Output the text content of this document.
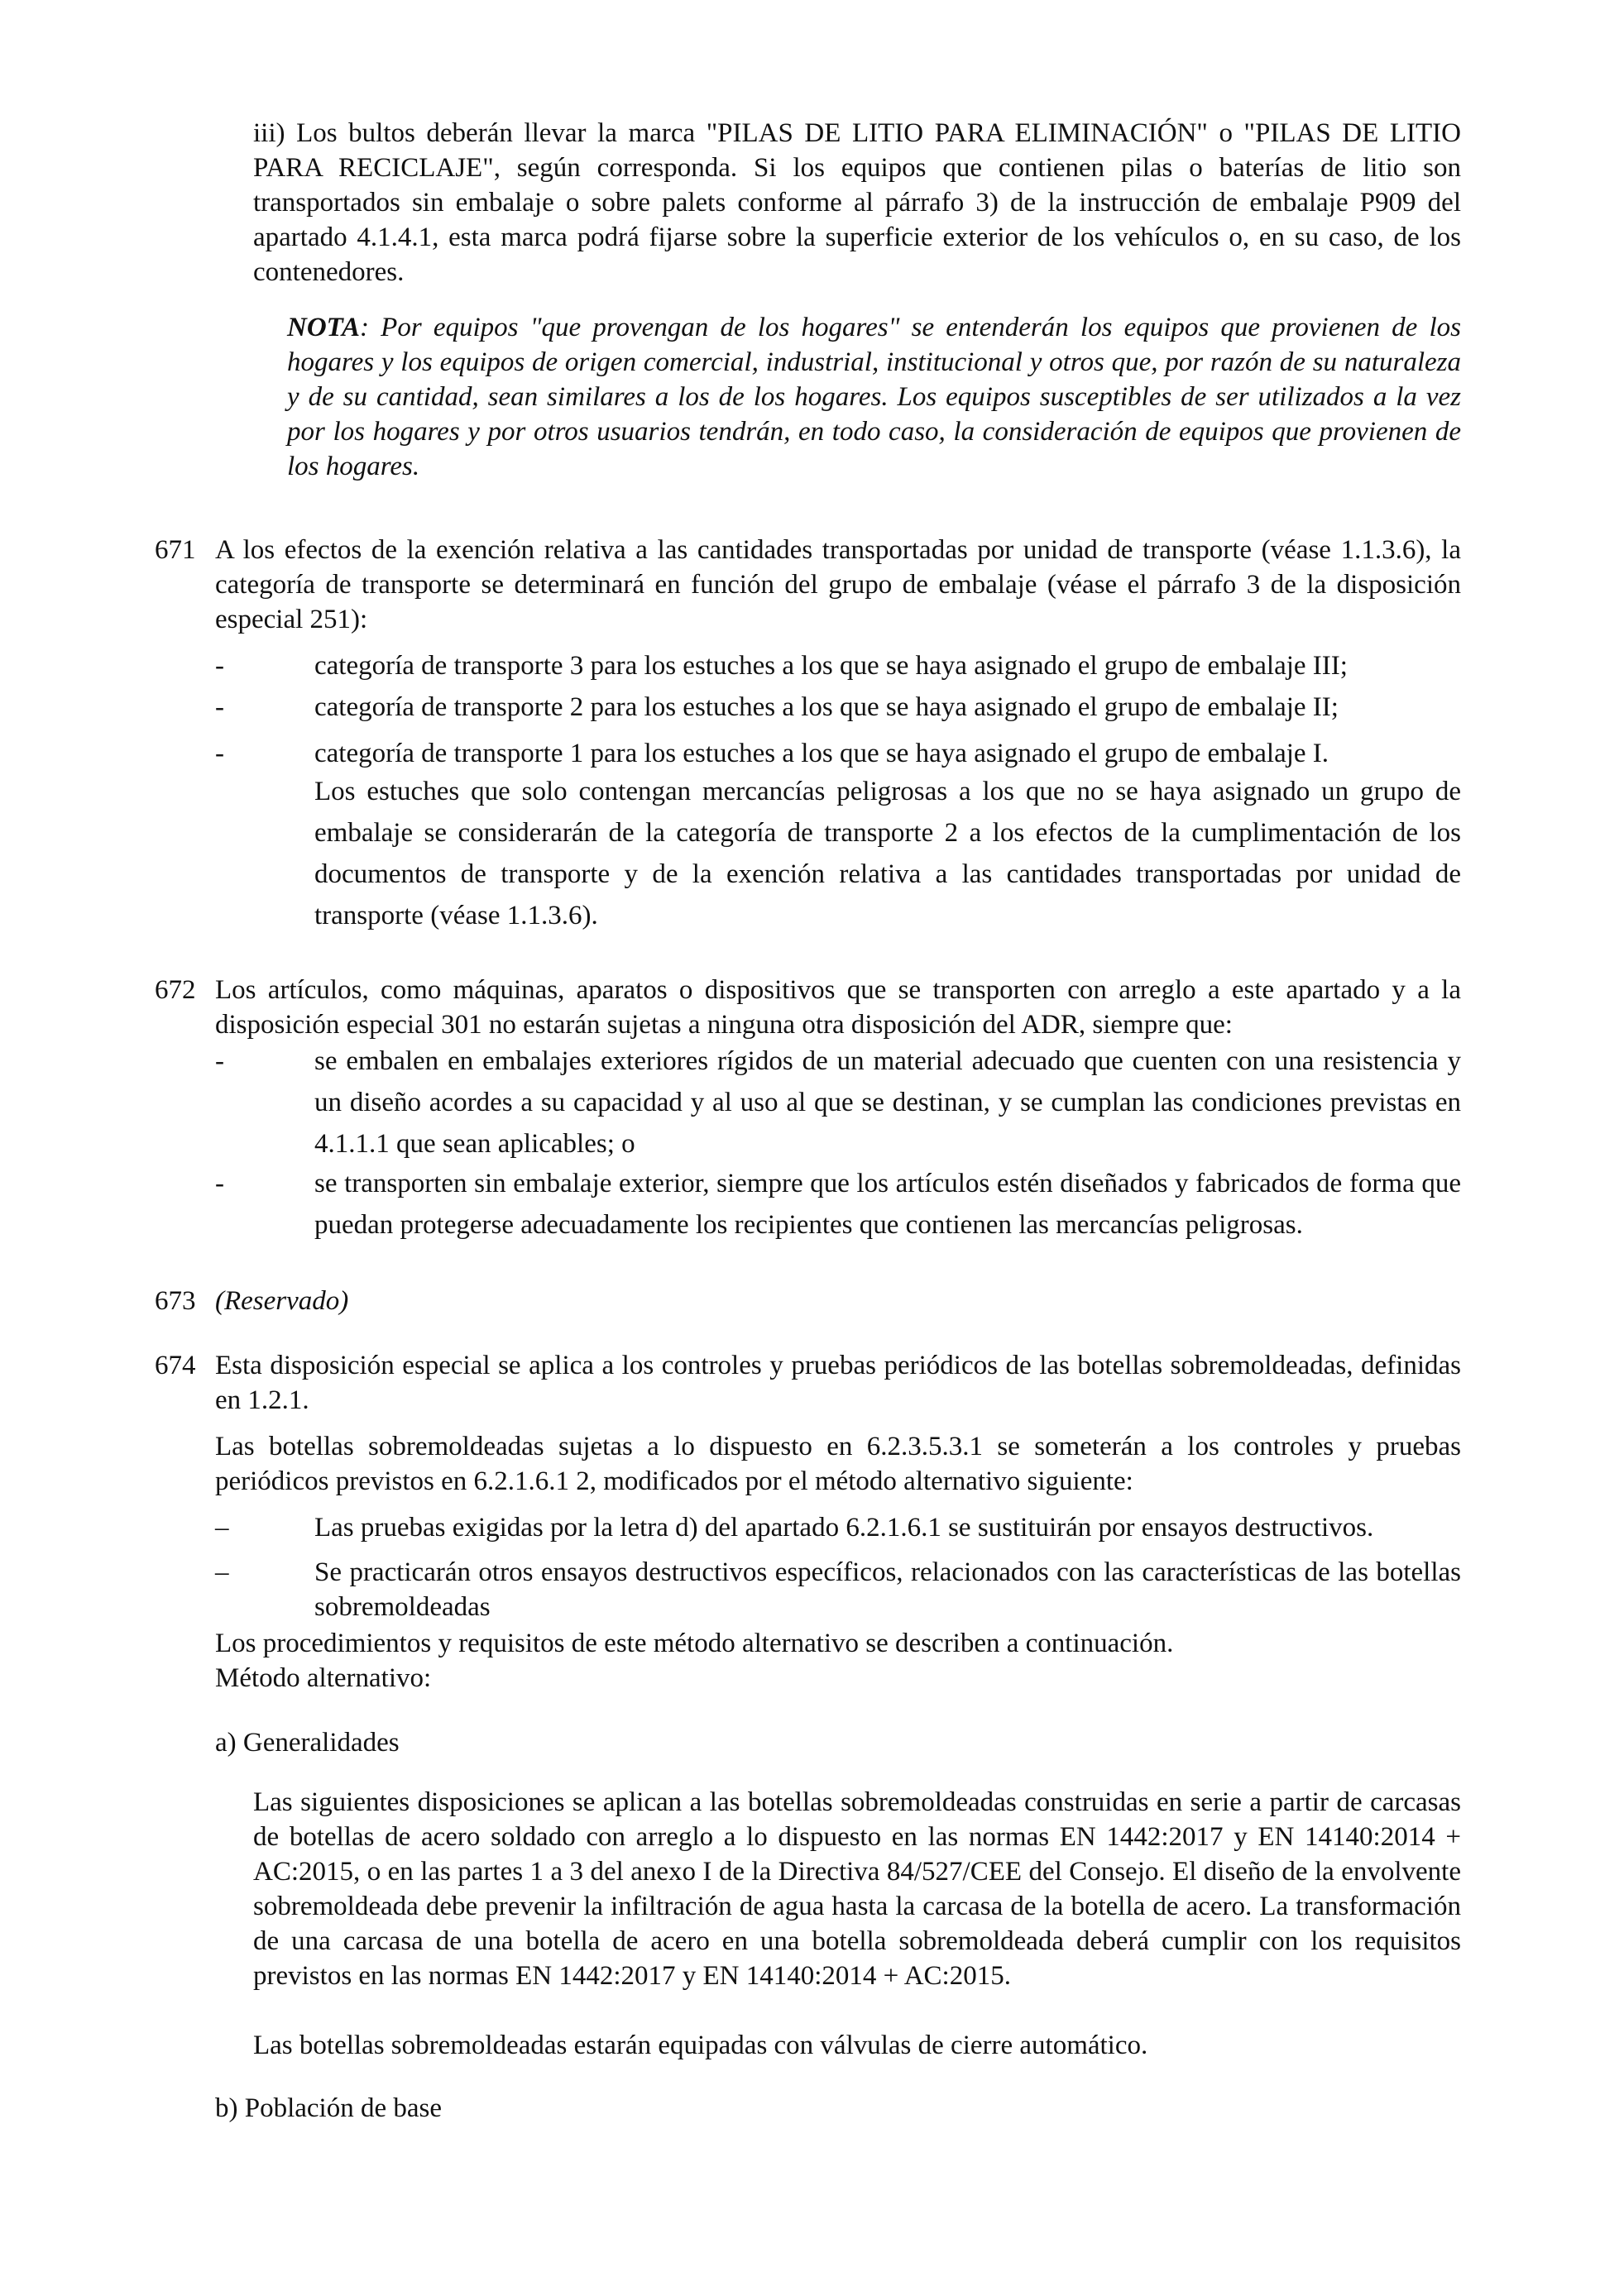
iii) Los bultos deberán llevar la marca "PILAS DE LITIO PARA ELIMINACIÓN" o "PILAS DE LITIO PARA RECICLAJE", según corresponda. Si los equipos que contienen pilas o baterías de litio son transportados sin embalaje o sobre palets conforme al párrafo 3) de la instrucción de embalaje P909 del apartado 4.1.4.1, esta marca podrá fijarse sobre la superficie exterior de los vehículos o, en su caso, de los contenedores.

NOTA: Por equipos "que provengan de los hogares" se entenderán los equipos que provienen de los hogares y los equipos de origen comercial, industrial, institucional y otros que, por razón de su naturaleza y de su cantidad, sean similares a los de los hogares. Los equipos susceptibles de ser utilizados a la vez por los hogares y por otros usuarios tendrán, en todo caso, la consideración de equipos que provienen de los hogares.

671 A los efectos de la exención relativa a las cantidades transportadas por unidad de transporte (véase 1.1.3.6), la categoría de transporte se determinará en función del grupo de embalaje (véase el párrafo 3 de la disposición especial 251):

-	categoría de transporte 3 para los estuches a los que se haya asignado el grupo de embalaje III;

-	categoría de transporte 2 para los estuches a los que se haya asignado el grupo de embalaje II;

-	categoría de transporte 1 para los estuches a los que se haya asignado el grupo de embalaje I.

Los estuches que solo contengan mercancías peligrosas a los que no se haya asignado un grupo de embalaje se considerarán de la categoría de transporte 2 a los efectos de la cumplimentación de los documentos de transporte y de la exención relativa a las cantidades transportadas por unidad de transporte (véase 1.1.3.6).

672 Los artículos, como máquinas, aparatos o dispositivos que se transporten con arreglo a este apartado y a la disposición especial 301 no estarán sujetas a ninguna otra disposición del ADR, siempre que:

-	se embalen en embalajes exteriores rígidos de un material adecuado que cuenten con una resistencia y un diseño acordes a su capacidad y al uso al que se destinan, y se cumplan las condiciones previstas en 4.1.1.1 que sean aplicables; o

-	se transporten sin embalaje exterior, siempre que los artículos estén diseñados y fabricados de forma que puedan protegerse adecuadamente los recipientes que contienen las mercancías peligrosas.

673 (Reservado)
674 Esta disposición especial se aplica a los controles y pruebas periódicos de las botellas sobremoldeadas, definidas en 1.2.1.

Las botellas sobremoldeadas sujetas a lo dispuesto en 6.2.3.5.3.1 se someterán a los controles y pruebas periódicos previstos en 6.2.1.6.1 2, modificados por el método alternativo siguiente:

–	Las pruebas exigidas por la letra d) del apartado 6.2.1.6.1 se sustituirán por ensayos destructivos.

–	Se practicarán otros ensayos destructivos específicos, relacionados con las características de las botellas sobremoldeadas

Los procedimientos y requisitos de este método alternativo se describen a continuación.

Método alternativo:

a) Generalidades

Las siguientes disposiciones se aplican a las botellas sobremoldeadas construidas en serie a partir de carcasas de botellas de acero soldado con arreglo a lo dispuesto en las normas EN 1442:2017 y EN 14140:2014 + AC:2015, o en las partes 1 a 3 del anexo I de la Directiva 84/527/CEE del Consejo. El diseño de la envolvente sobremoldeada debe prevenir la infiltración de agua hasta la carcasa de la botella de acero. La transformación de una carcasa de una botella de acero en una botella sobremoldeada deberá cumplir con los requisitos previstos en las normas EN 1442:2017 y EN 14140:2014 + AC:2015.

Las botellas sobremoldeadas estarán equipadas con válvulas de cierre automático.

b) Población de base
